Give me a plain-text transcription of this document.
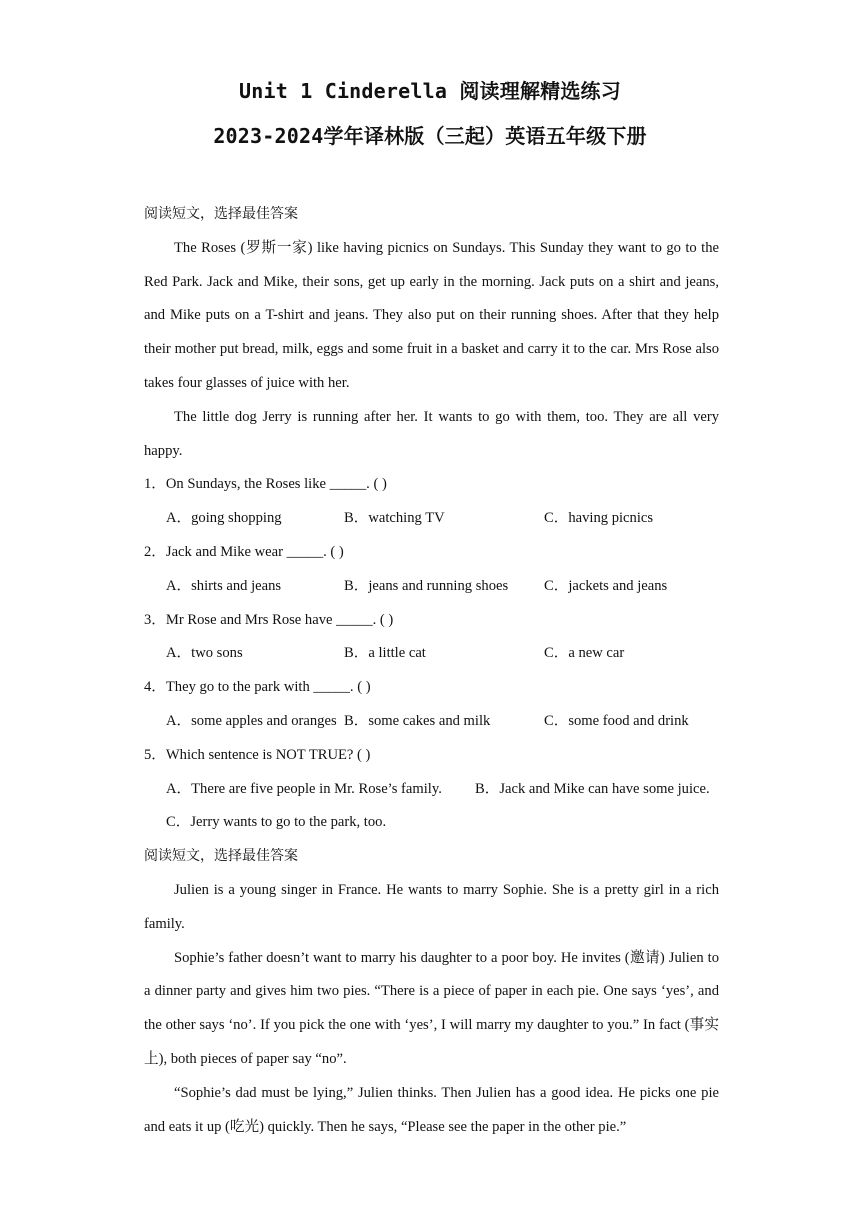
Unit 1 Cinderella 阅读理解精选练习
2023-2024学年译林版（三起）英语五年级下册
阅读短文，选择最佳答案
The Roses (罗斯一家) like having picnics on Sundays. This Sunday they want to go to the Red Park. Jack and Mike, their sons, get up early in the morning. Jack puts on a shirt and jeans, and Mike puts on a T-shirt and jeans. They also put on their running shoes. After that they help their mother put bread, milk, eggs and some fruit in a basket and carry it to the car. Mrs Rose also takes four glasses of juice with her.
The little dog Jerry is running after her. It wants to go with them, too. They are all very happy.
1．On Sundays, the Roses like _____. ( )
A．going shopping	B．watching TV	C．having picnics
2．Jack and Mike wear _____. ( )
A．shirts and jeans	B．jeans and running shoes C．jackets and jeans
3．Mr Rose and Mrs Rose have _____. ( )
A．two sons	B．a little cat	C．a new car
4．They go to the park with _____. ( )
A．some apples and oranges B．some cakes and milk	C．some food and drink
5．Which sentence is NOT TRUE? ( )
A．There are five people in Mr. Rose’s family. B．Jack and Mike can have some juice.
C．Jerry wants to go to the park, too.
阅读短文，选择最佳答案
Julien is a young singer in France. He wants to marry Sophie. She is a pretty girl in a rich family.
Sophie’s father doesn’t want to marry his daughter to a poor boy. He invites (邀请) Julien to a dinner party and gives him two pies. “There is a piece of paper in each pie. One says ‘yes’, and the other says ‘no’. If you pick the one with ‘yes’, I will marry my daughter to you.” In fact (事实上), both pieces of paper say “no”.
“Sophie’s dad must be lying,” Julien thinks. Then Julien has a good idea. He picks one pie and eats it up (吃光) quickly. Then he says, “Please see the paper in the other pie.”
